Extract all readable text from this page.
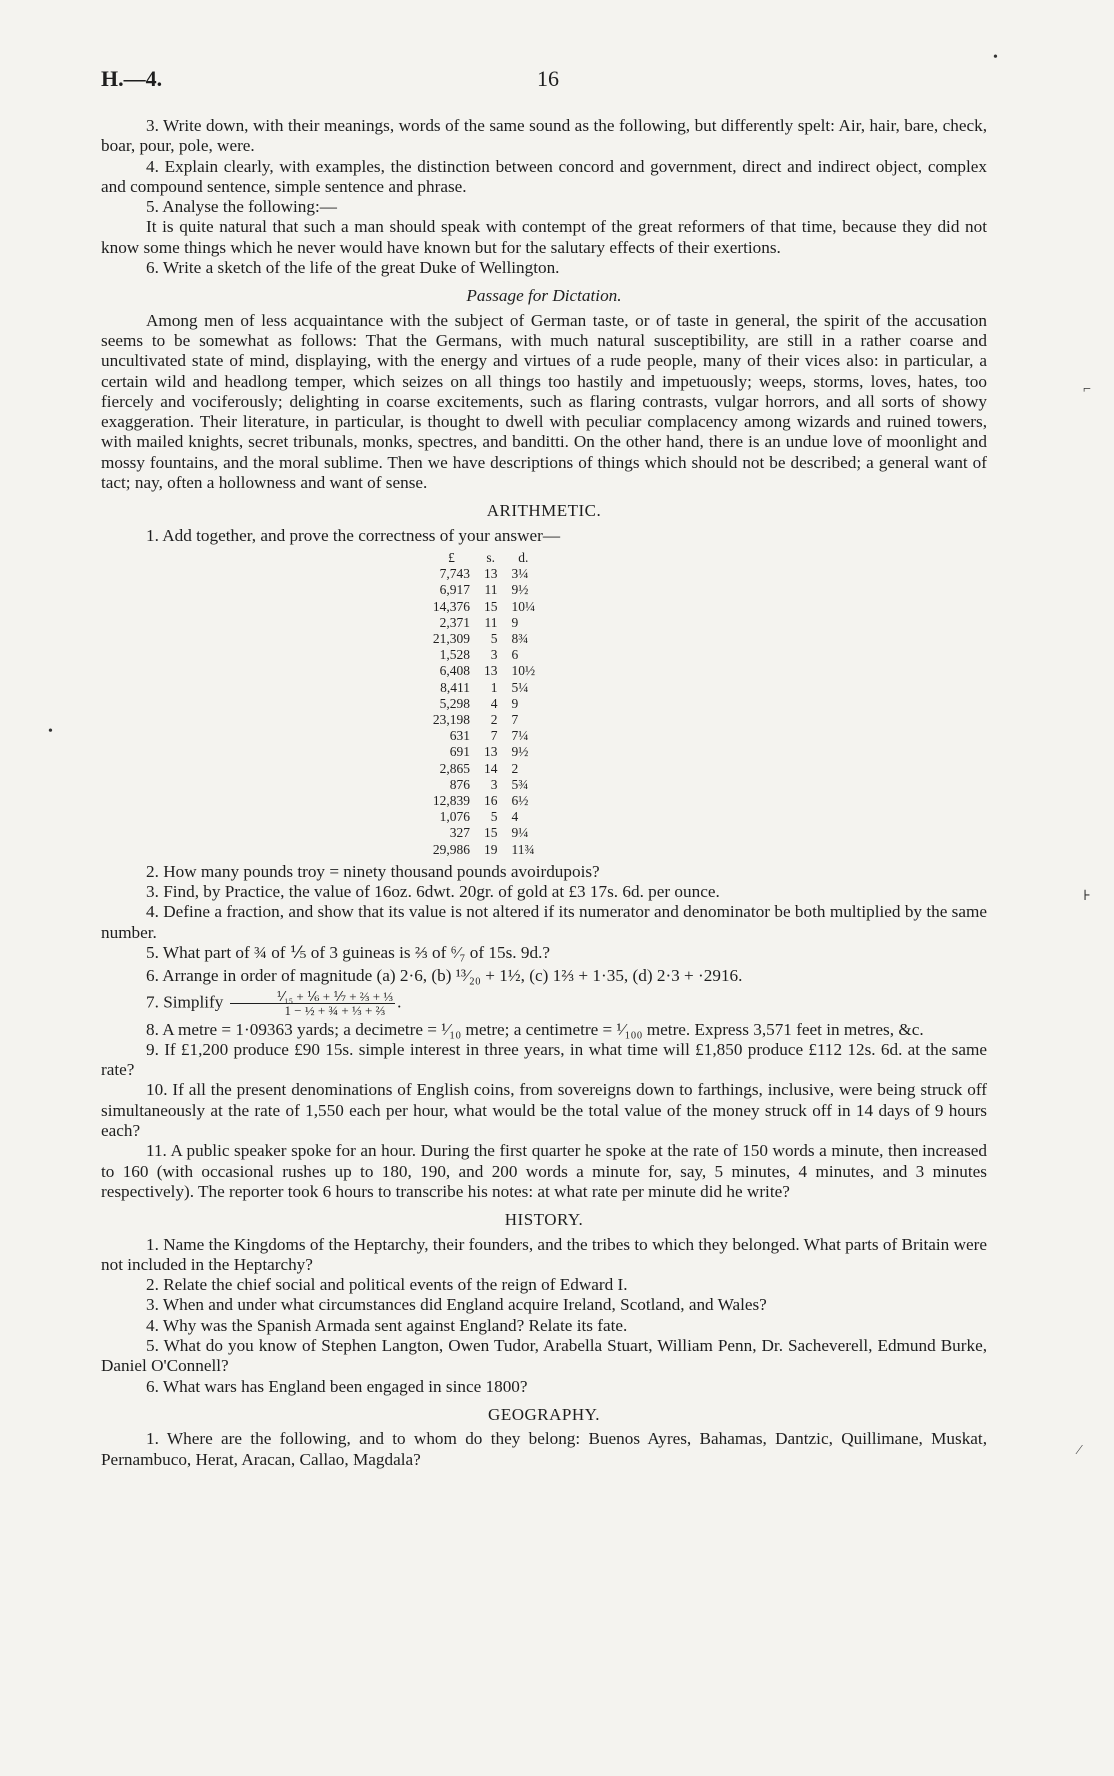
H.—4.	16
•
⌐
⊦
⁄
•

3. Write down, with their meanings, words of the same sound as the following, but differently spelt: Air, hair, bare, check, boar, pour, pole, were.

4. Explain clearly, with examples, the distinction between concord and government, direct and indirect object, complex and compound sentence, simple sentence and phrase.

5. Analyse the following:—

It is quite natural that such a man should speak with contempt of the great reformers of that time, because they did not know some things which he never would have known but for the salutary effects of their exertions.

6. Write a sketch of the life of the great Duke of Wellington.

Passage for Dictation.

Among men of less acquaintance with the subject of German taste, or of taste in general, the spirit of the accusation seems to be somewhat as follows: That the Germans, with much natural susceptibility, are still in a rather coarse and uncultivated state of mind, displaying, with the energy and virtues of a rude people, many of their vices also: in particular, a certain wild and headlong temper, which seizes on all things too hastily and impetuously; weeps, storms, loves, hates, too fiercely and vociferously; delighting in coarse excitements, such as flaring contrasts, vulgar horrors, and all sorts of showy exaggeration. Their literature, in particular, is thought to dwell with peculiar complacency among wizards and ruined towers, with mailed knights, secret tribunals, monks, spectres, and banditti. On the other hand, there is an undue love of moonlight and mossy fountains, and the moral sublime. Then we have descriptions of things which should not be described; a general want of tact; nay, often a hollowness and want of sense.

ARITHMETIC.

1. Add together, and prove the correctness of your answer—

£	s.	d.
7,743	13	3¼
6,917	11	9½
14,376	15	10¼
2,371	11	9
21,309	5	8¾
1,528	3	6
6,408	13	10½
8,411	1	5¼
5,298	4	9
23,198	2	7
631	7	7¼
691	13	9½
2,865	14	2
876	3	5¾
12,839	16	6½
1,076	5	4
327	15	9¼
29,986	19	11¾

2. How many pounds troy = ninety thousand pounds avoirdupois?

3. Find, by Practice, the value of 16oz. 6dwt. 20gr. of gold at £3 17s. 6d. per ounce.

4. Define a fraction, and show that its value is not altered if its numerator and denominator be both multiplied by the same number.

5. What part of ¾ of ⅕ of 3 guineas is ⅔ of ⁶⁄₇ of 15s. 9d.?

6. Arrange in order of magnitude (a) 2·6, (b) ¹³⁄₂₀ + 1½, (c) 1⅔ + 1·35, (d) 2·3 + ·2916.

7. Simplify $\frac{\text{⅟₁₅ + ⅙ + ⅐ + ⅔ + ⅓}}{\text{1 − ½ + ¾ + ⅓ + ⅔}}$ .

8. A metre = 1·09363 yards; a decimetre = ¹⁄₁₀ metre; a centimetre = ¹⁄₁₀₀ metre. Express 3,571 feet in metres, &c.

9. If £1,200 produce £90 15s. simple interest in three years, in what time will £1,850 produce £112 12s. 6d. at the same rate?

10. If all the present denominations of English coins, from sovereigns down to farthings, inclusive, were being struck off simultaneously at the rate of 1,550 each per hour, what would be the total value of the money struck off in 14 days of 9 hours each?

11. A public speaker spoke for an hour. During the first quarter he spoke at the rate of 150 words a minute, then increased to 160 (with occasional rushes up to 180, 190, and 200 words a minute for, say, 5 minutes, 4 minutes, and 3 minutes respectively). The reporter took 6 hours to transcribe his notes: at what rate per minute did he write?

HISTORY.

1. Name the Kingdoms of the Heptarchy, their founders, and the tribes to which they belonged. What parts of Britain were not included in the Heptarchy?

2. Relate the chief social and political events of the reign of Edward I.

3. When and under what circumstances did England acquire Ireland, Scotland, and Wales?

4. Why was the Spanish Armada sent against England? Relate its fate.

5. What do you know of Stephen Langton, Owen Tudor, Arabella Stuart, William Penn, Dr. Sacheverell, Edmund Burke, Daniel O'Connell?

6. What wars has England been engaged in since 1800?

GEOGRAPHY.

1. Where are the following, and to whom do they belong: Buenos Ayres, Bahamas, Dantzic, Quillimane, Muskat, Pernambuco, Herat, Aracan, Callao, Magdala?
